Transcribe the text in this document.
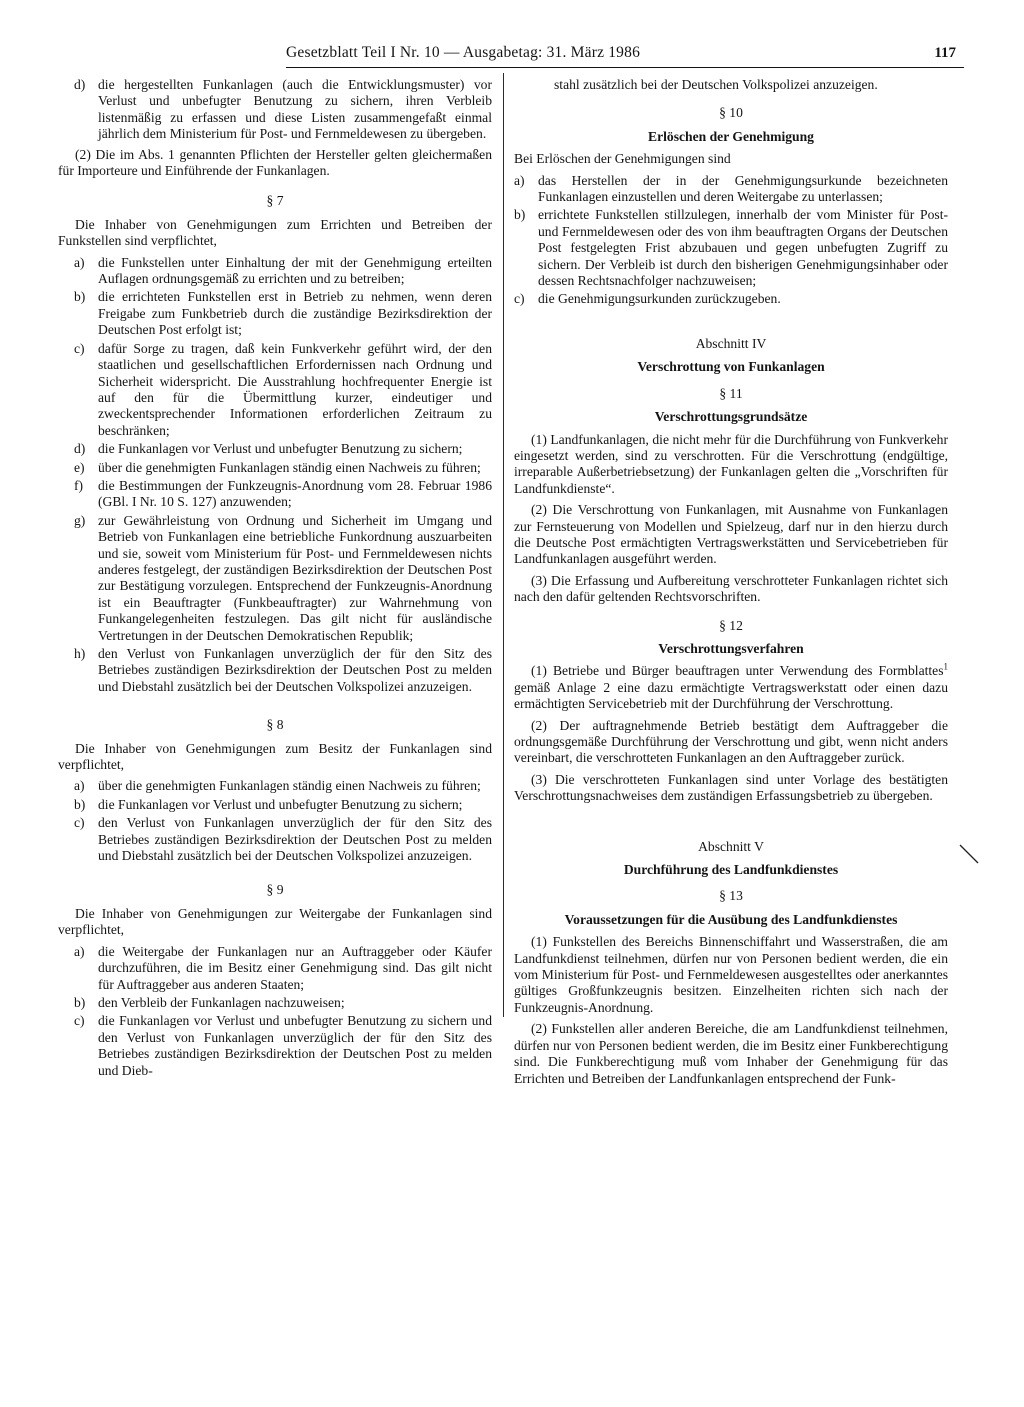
Gesetzblatt Teil I Nr. 10 — Ausgabetag: 31. März 1986	117
d) die hergestellten Funkanlagen (auch die Entwicklungsmuster) vor Verlust und unbefugter Benutzung zu sichern, ihren Verbleib listenmäßig zu erfassen und diese Listen zusammengefaßt einmal jährlich dem Ministerium für Post- und Fernmeldewesen zu übergeben.

(2) Die im Abs. 1 genannten Pflichten der Hersteller gelten gleichermaßen für Importeure und Einführende der Funkanlagen.

§ 7

Die Inhaber von Genehmigungen zum Errichten und Betreiben der Funkstellen sind verpflichtet,

a) die Funkstellen unter Einhaltung der mit der Genehmigung erteilten Auflagen ordnungsgemäß zu errichten und zu betreiben;
b) die errichteten Funkstellen erst in Betrieb zu nehmen, wenn deren Freigabe zum Funkbetrieb durch die zuständige Bezirksdirektion der Deutschen Post erfolgt ist;
c) dafür Sorge zu tragen, daß kein Funkverkehr geführt wird, der den staatlichen und gesellschaftlichen Erfordernissen nach Ordnung und Sicherheit widerspricht. Die Ausstrahlung hochfrequenter Energie ist auf den für die Übermittlung kurzer, eindeutiger und zweckentsprechender Informationen erforderlichen Zeitraum zu beschränken;
d) die Funkanlagen vor Verlust und unbefugter Benutzung zu sichern;
e) über die genehmigten Funkanlagen ständig einen Nachweis zu führen;
f)	die Bestimmungen der Funkzeugnis-Anordnung vom 28. Februar 1986 (GBl. I Nr. 10 S. 127) anzuwenden;
g) zur Gewährleistung von Ordnung und Sicherheit im Umgang und Betrieb von Funkanlagen eine betriebliche Funkordnung auszuarbeiten und sie, soweit vom Ministerium für Post- und Fernmeldewesen nichts anderes festgelegt, der zuständigen Bezirksdirektion der Deutschen Post zur Bestätigung vorzulegen. Entsprechend der Funkzeugnis-Anordnung ist ein Beauftragter (Funkbeauftragter) zur Wahrnehmung von Funkangelegenheiten festzulegen. Das gilt nicht für ausländische Vertretungen in der Deutschen Demokratischen Republik;
h) den Verlust von Funkanlagen unverzüglich der für den Sitz des Betriebes zuständigen Bezirksdirektion der Deutschen Post zu melden und Diebstahl zusätzlich bei der Deutschen Volkspolizei anzuzeigen.
§ 8

Die Inhaber von Genehmigungen zum Besitz der Funkanlagen sind verpflichtet,

a) über die genehmigten Funkanlagen ständig einen Nachweis zu führen;
b) die Funkanlagen vor Verlust und unbefugter Benutzung zu sichern;
c) den Verlust von Funkanlagen unverzüglich der für den Sitz des Betriebes zuständigen Bezirksdirektion der Deutschen Post zu melden und Diebstahl zusätzlich bei der Deutschen Volkspolizei anzuzeigen.
§ 9

Die Inhaber von Genehmigungen zur Weitergabe der Funkanlagen sind verpflichtet,

a) die Weitergabe der Funkanlagen nur an Auftraggeber oder Käufer durchzuführen, die im Besitz einer Genehmigung sind. Das gilt nicht für Auftraggeber aus anderen Staaten;
b) den Verbleib der Funkanlagen nachzuweisen;
c) die Funkanlagen vor Verlust und unbefugter Benutzung zu sichern und den Verlust von Funkanlagen unverzüglich der für den Sitz des Betriebes zuständigen Bezirksdirektion der Deutschen Post zu melden und Dieb-

stahl zusätzlich bei der Deutschen Volkspolizei anzuzeigen.

§ 10
Erlöschen der Genehmigung

Bei Erlöschen der Genehmigungen sind

a) das Herstellen der in der Genehmigungsurkunde bezeichneten Funkanlagen einzustellen und deren Weitergabe zu unterlassen;
b) errichtete Funkstellen stillzulegen, innerhalb der vom Minister für Post- und Fernmeldewesen oder des von ihm beauftragten Organs der Deutschen Post festgelegten Frist abzubauen und gegen unbefugten Zugriff zu sichern. Der Verbleib ist durch den bisherigen Genehmigungsinhaber oder dessen Rechtsnachfolger nachzuweisen;
c) die Genehmigungsurkunden zurückzugeben.
Abschnitt IV
Verschrottung von Funkanlagen
§ 11
Verschrottungsgrundsätze

(1) Landfunkanlagen, die nicht mehr für die Durchführung von Funkverkehr eingesetzt werden, sind zu verschrotten. Für die Verschrottung (endgültige, irreparable Außerbetriebsetzung) der Funkanlagen gelten die „Vorschriften für Landfunkdienste“.

(2) Die Verschrottung von Funkanlagen, mit Ausnahme von Funkanlagen zur Fernsteuerung von Modellen und Spielzeug, darf nur in den hierzu durch die Deutsche Post ermächtigten Vertragswerkstätten und Servicebetrieben für Landfunkanlagen ausgeführt werden.

(3) Die Erfassung und Aufbereitung verschrotteter Funkanlagen richtet sich nach den dafür geltenden Rechtsvorschriften.

§ 12
Verschrottungsverfahren

(1) Betriebe und Bürger beauftragen unter Verwendung des Formblattes$^1$ gemäß Anlage 2 eine dazu ermächtigte Vertragswerkstatt oder einen dazu ermächtigten Servicebetrieb mit der Durchführung der Verschrottung.

(2) Der auftragnehmende Betrieb bestätigt dem Auftraggeber die ordnungsgemäße Durchführung der Verschrottung und gibt, wenn nicht anders vereinbart, die verschrotteten Funkanlagen an den Auftraggeber zurück.

(3) Die verschrotteten Funkanlagen sind unter Vorlage des bestätigten Verschrottungsnachweises dem zuständigen Erfassungsbetrieb zu übergeben.

Abschnitt V
Durchführung des Landfunkdienstes
§ 13
Voraussetzungen für die Ausübung des Landfunkdienstes

(1) Funkstellen des Bereichs Binnenschiffahrt und Wasserstraßen, die am Landfunkdienst teilnehmen, dürfen nur von Personen bedient werden, die ein vom Ministerium für Post- und Fernmeldewesen ausgestelltes oder anerkanntes gültiges Großfunkzeugnis besitzen. Einzelheiten richten sich nach der Funkzeugnis-Anordnung.

(2) Funkstellen aller anderen Bereiche, die am Landfunkdienst teilnehmen, dürfen nur von Personen bedient werden, die im Besitz einer Funkberechtigung sind. Die Funkberechtigung muß vom Inhaber der Genehmigung für das Errichten und Betreiben der Landfunkanlagen entsprechend der Funk-
